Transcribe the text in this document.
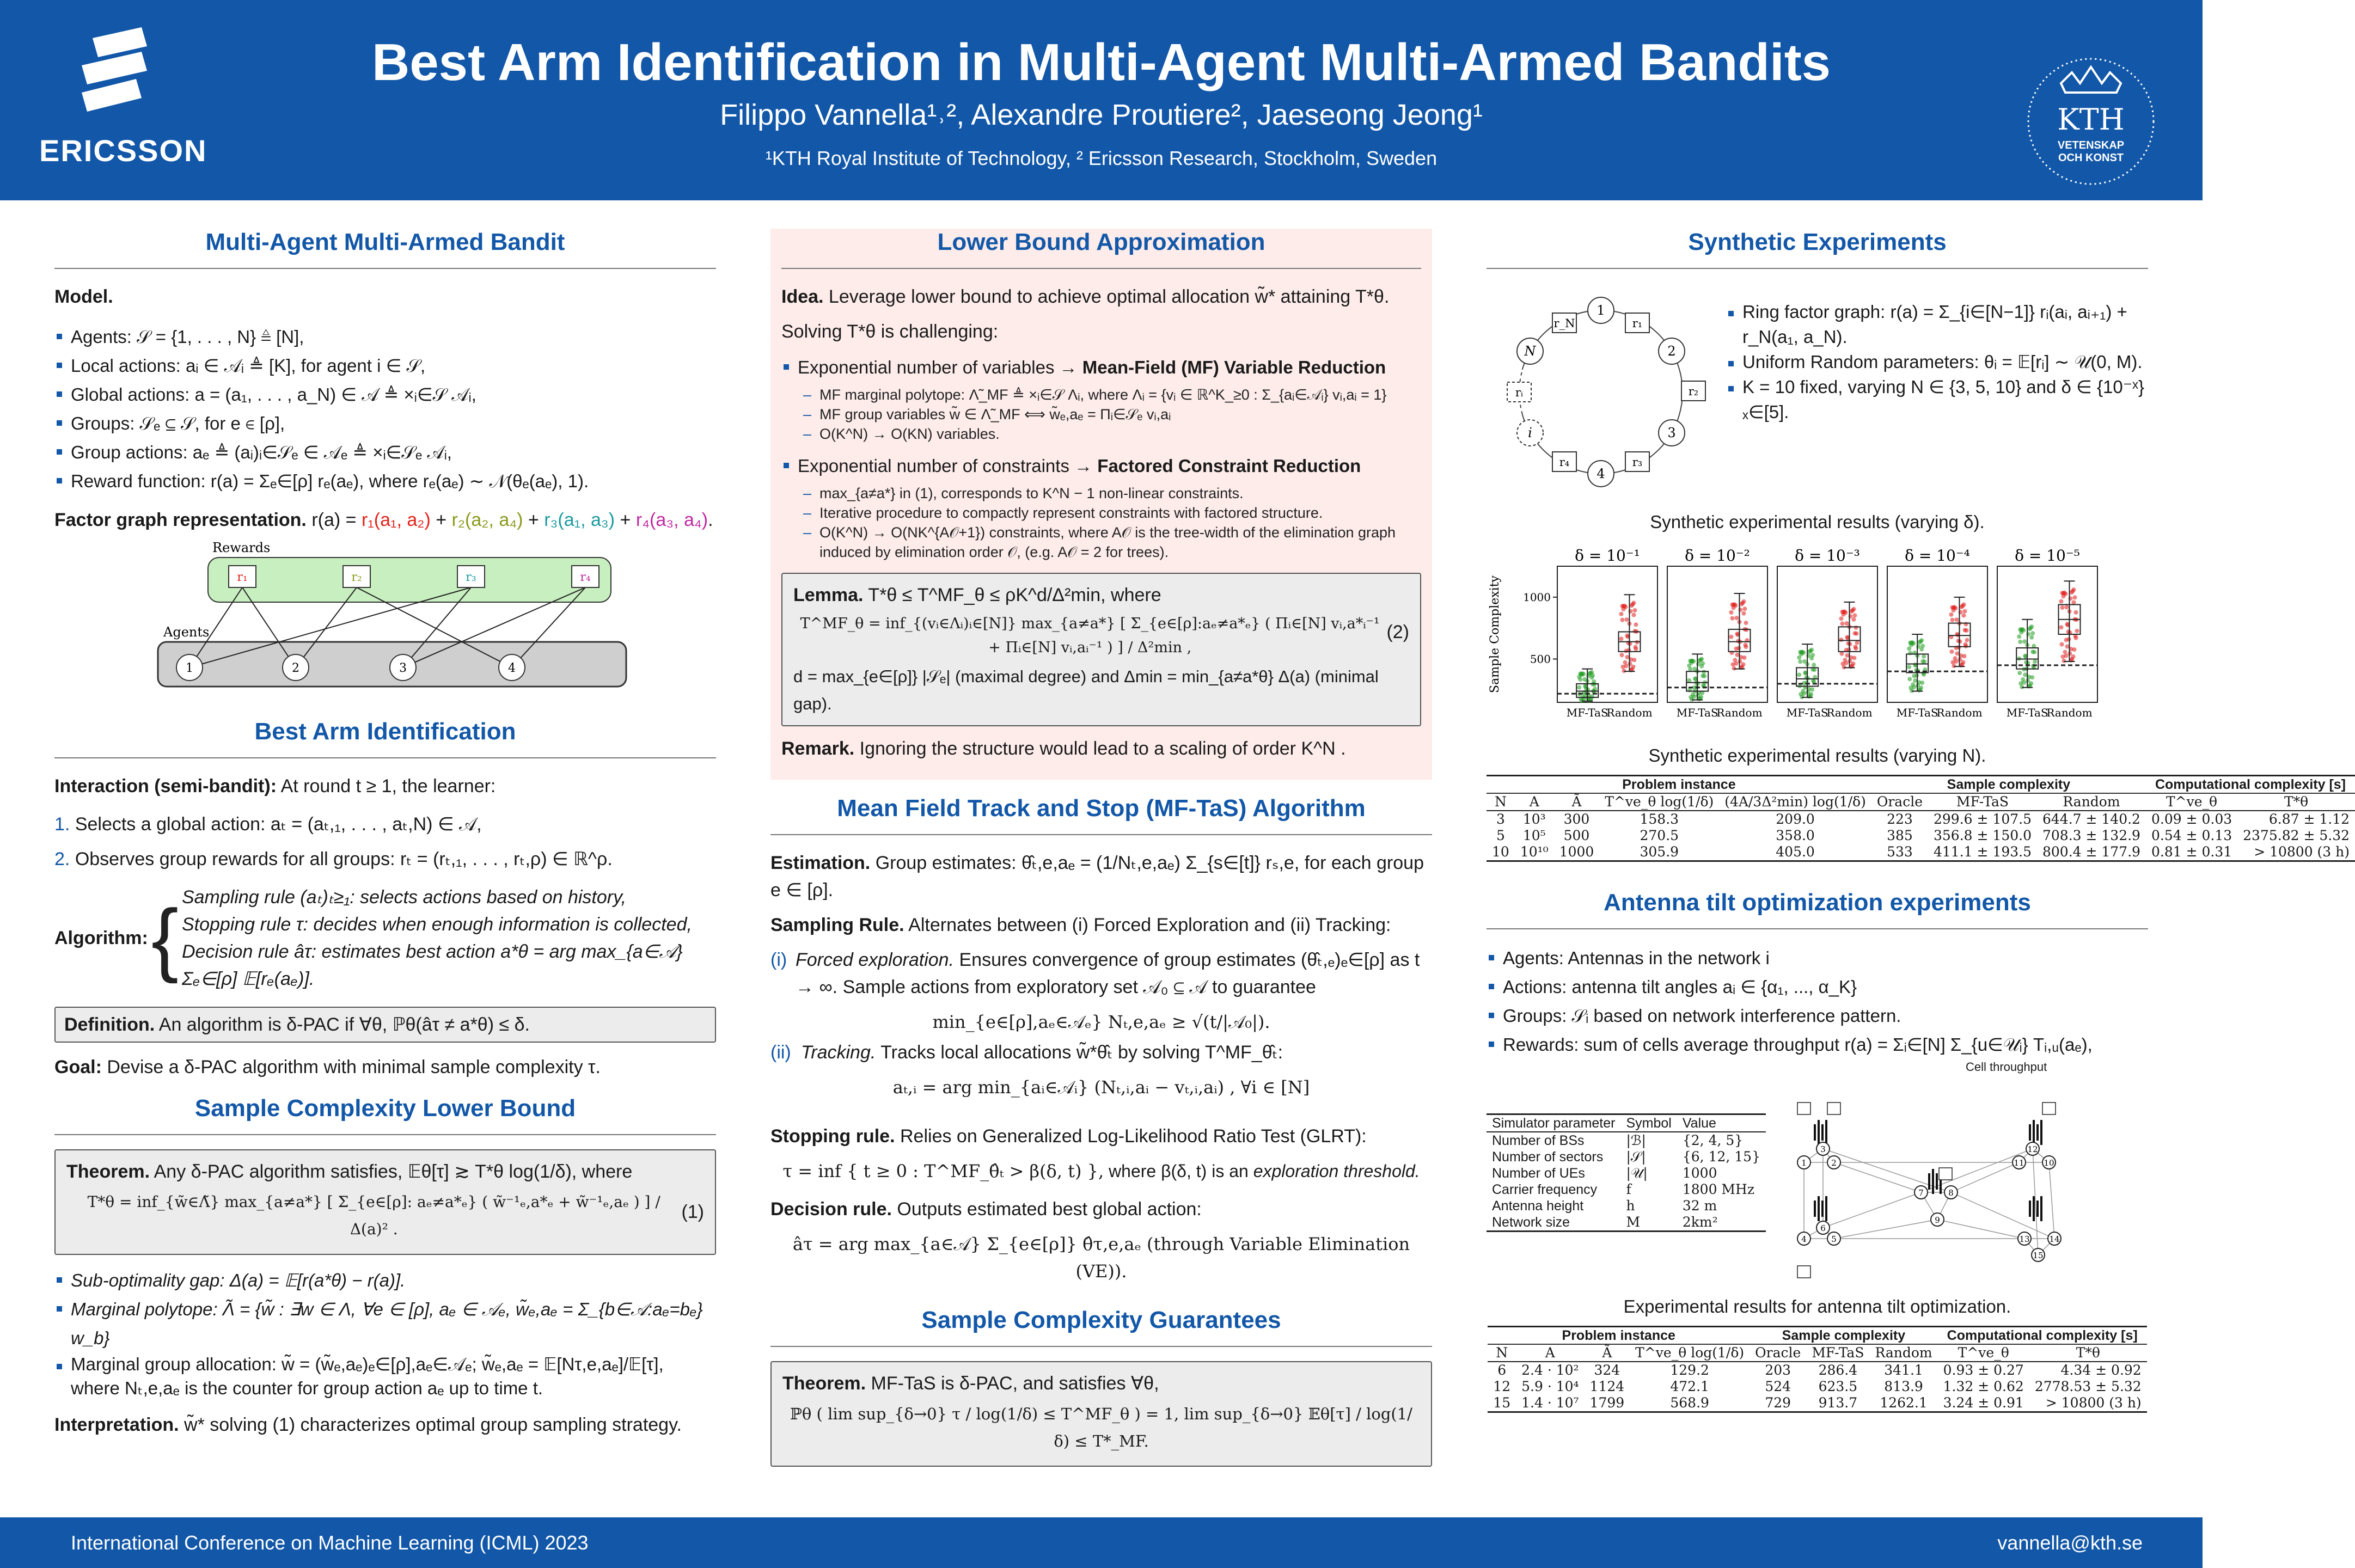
ERICSSON
Best Arm Identification in Multi-Agent Multi-Armed Bandits
Filippo Vannella¹˒², Alexandre Proutiere², Jaeseong Jeong¹
¹KTH Royal Institute of Technology, ² Ericsson Research, Stockholm, Sweden
KTH
VETENSKAP
OCH KONST
Multi-Agent Multi-Armed Bandit
Model.
Agents: 𝒮 = {1, . . . , N} ≜ [N],
Local actions: aᵢ ∈ 𝒜ᵢ ≜ [K], for agent i ∈ 𝒮,
Global actions: a = (a₁, . . . , a_N) ∈ 𝒜 ≜ ×ᵢ∈𝒮 𝒜ᵢ,
Groups: 𝒮ₑ ⊆ 𝒮, for e ∈ [ρ],
Group actions: aₑ ≜ (aᵢ)ᵢ∈𝒮ₑ ∈ 𝒜ₑ ≜ ×ᵢ∈𝒮ₑ 𝒜ᵢ,
Reward function: r(a) = Σₑ∈[ρ] rₑ(aₑ), where rₑ(aₑ) ∼ 𝒩(θₑ(aₑ), 1).
Factor graph representation. r(a) = r₁(a₁, a₂) + r₂(a₂, a₄) + r₃(a₁, a₃) + r₄(a₃, a₄).
Rewards
Agents
r₁	r₂	r₃	r₄
1	2	3	4
Best Arm Identification
Interaction (semi-bandit): At round t ≥ 1, the learner:
1. Selects a global action: aₜ = (aₜ,₁, . . . , aₜ,N) ∈ 𝒜,
2. Observes group rewards for all groups: rₜ = (rₜ,₁, . . . , rₜ,ρ) ∈ ℝ^ρ.
Algorithm: { Sampling rule (aₜ)ₜ≥₁: selects actions based on history,
Stopping rule τ: decides when enough information is collected,
Decision rule âτ: estimates best action a*θ = arg max_{a∈𝒜} Σₑ∈[ρ] 𝔼[rₑ(aₑ)].
Definition. An algorithm is δ-PAC if ∀θ, ℙθ(âτ ≠ a*θ) ≤ δ.
Goal: Devise a δ-PAC algorithm with minimal sample complexity τ.
Sample Complexity Lower Bound
Theorem. Any δ-PAC algorithm satisfies, 𝔼θ[τ] ≳ T*θ log(1/δ), where
T*θ = inf_{w̃∈Λ̃} max_{a≠a*} [ Σ_{e∈[ρ]: aₑ≠a*ₑ} ( w̃⁻¹ₑ,a*ₑ + w̃⁻¹ₑ,aₑ ) ] / Δ(a)² .
(1)
Sub-optimality gap: Δ(a) = 𝔼[r(a*θ) − r(a)].
Marginal polytope: Λ̃ = {w̃ : ∃w ∈ Λ, ∀e ∈ [ρ], aₑ ∈ 𝒜ₑ, w̃ₑ,aₑ = Σ_{b∈𝒜:aₑ=bₑ} w_b}
Marginal group allocation: w̃ = (w̃ₑ,aₑ)ₑ∈[ρ],aₑ∈𝒜ₑ; w̃ₑ,aₑ = 𝔼[Nτ,e,aₑ]/𝔼[τ], where Nₜ,e,aₑ is the counter for group action aₑ up to time t.
Interpretation. w̃* solving (1) characterizes optimal group sampling strategy.
Lower Bound Approximation
Idea. Leverage lower bound to achieve optimal allocation w̃* attaining T*θ.
Solving T*θ is challenging:
Exponential number of variables → Mean-Field (MF) Variable Reduction
– MF marginal polytope: Λ̃_MF ≜ ×ᵢ∈𝒮 Λᵢ, where Λᵢ = {vᵢ ∈ ℝ^K_≥0 : Σ_{aᵢ∈𝒜ᵢ} vᵢ,aᵢ = 1}
– MF group variables w̃ ∈ Λ̃_MF ⟺ w̃ₑ,aₑ = Πᵢ∈𝒮ₑ vᵢ,aᵢ
– O(K^N) → O(KN) variables.
Exponential number of constraints → Factored Constraint Reduction
– max_{a≠a*} in (1), corresponds to K^N − 1 non-linear constraints.
– Iterative procedure to compactly represent constraints with factored structure.
– O(K^N) → O(NK^{A𝒪+1}) constraints, where A𝒪 is the tree-width of the elimination graph induced by elimination order 𝒪, (e.g. A𝒪 = 2 for trees).
Lemma. T*θ ≤ T^MF_θ ≤ ρK^d/Δ²min, where
T^MF_θ = inf_{(vᵢ∈Λᵢ)ᵢ∈[N]} max_{a≠a*} [ Σ_{e∈[ρ]:aₑ≠a*ₑ} ( Πᵢ∈[N] vᵢ,a*ᵢ⁻¹ + Πᵢ∈[N] vᵢ,aᵢ⁻¹ ) ] / Δ²min ,
(2)
d = max_{e∈[ρ]} |𝒮ₑ| (maximal degree) and Δmin = min_{a≠a*θ} Δ(a) (minimal gap).
Remark. Ignoring the structure would lead to a scaling of order K^N .
Mean Field Track and Stop (MF-TaS) Algorithm
Estimation. Group estimates: θ̂ₜ,e,aₑ = (1/Nₜ,e,aₑ) Σ_{s∈[t]} rₛ,e, for each group e ∈ [ρ].
Sampling Rule. Alternates between (i) Forced Exploration and (ii) Tracking:
(i) Forced exploration. Ensures convergence of group estimates (θ̂ₜ,ₑ)ₑ∈[ρ] as t → ∞. Sample actions from exploratory set 𝒜₀ ⊆ 𝒜 to guarantee
min_{e∈[ρ],aₑ∈𝒜ₑ} Nₜ,e,aₑ ≥ √(t/|𝒜₀|).
(ii) Tracking. Tracks local allocations w̃*θ̂ₜ by solving T^MF_θ̂ₜ:
aₜ,ᵢ = arg min_{aᵢ∈𝒜ᵢ} (Nₜ,ᵢ,aᵢ − vₜ,ᵢ,aᵢ) , ∀i ∈ [N]
Stopping rule. Relies on Generalized Log-Likelihood Ratio Test (GLRT):
τ = inf { t ≥ 0 : T^MF_θ̂ₜ > β(δ, t) }, where β(δ, t) is an exploration threshold.
Decision rule. Outputs estimated best global action:
âτ = arg max_{a∈𝒜} Σ_{e∈[ρ]} θ̂τ,e,aₑ (through Variable Elimination (VE)).
Sample Complexity Guarantees
Theorem. MF-TaS is δ-PAC, and satisfies ∀θ,
ℙθ ( lim sup_{δ→0} τ / log(1/δ) ≤ T^MF_θ ) = 1, lim sup_{δ→0} 𝔼θ[τ] / log(1/δ) ≤ T*_MF.
Synthetic Experiments
1
2
3
4
i
N
r₁
r₂
r₃
r₄
rᵢ
r_N
Ring factor graph: r(a) = Σ_{i∈[N−1]} rᵢ(aᵢ, aᵢ₊₁) + r_N(a₁, a_N).
Uniform Random parameters: θᵢ = 𝔼[rᵢ] ∼ 𝒰(0, M).
K = 10 fixed, varying N ∈ {3, 5, 10} and δ ∈ {10⁻ˣ}ₓ∈[5].
Synthetic experimental results (varying δ).
Sample Complexity
δ = 10⁻¹
500
1000
MF-TaS
Random
δ = 10⁻²
MF-TaS
Random
δ = 10⁻³
MF-TaS
Random
δ = 10⁻⁴
MF-TaS
Random
δ = 10⁻⁵
MF-TaS
Random
Synthetic experimental results (varying N).
Problem instance					Sample complexity			Computational complexity [s]	
N	A	Ã	T^ve_θ log(1/δ)	(4A/3Δ²min) log(1/δ)	Oracle	MF-TaS	Random	T^ve_θ	T*θ
3	10³	300	158.3	209.0	223	299.6 ± 107.5	644.7 ± 140.2	0.09 ± 0.03	6.87 ± 1.12
5	10⁵	500	270.5	358.0	385	356.8 ± 150.0	708.3 ± 132.9	0.54 ± 0.13	2375.82 ± 5.32
10	10¹⁰	1000	305.9	405.0	533	411.1 ± 193.5	800.4 ± 177.9	0.81 ± 0.31	> 10800 (3 h)
Antenna tilt optimization experiments
Agents: Antennas in the network i
Actions: antenna tilt angles aᵢ ∈ {α₁, ..., α_K}
Groups: 𝒮ᵢ based on network interference pattern.
Rewards: sum of cells average throughput r(a) = Σᵢ∈[N] Σ_{u∈𝒰ᵢ} Tᵢ,ᵤ(aₑ),
Cell throughput
Simulator parameter	Symbol	Value
Number of BSs	|ℬ|	{2, 4, 5}
Number of sectors	|𝒮|	{6, 12, 15}
Number of UEs	|𝒰|	1000
Carrier frequency	f	1800 MHz
Antenna height	h	32 m
Network size	M	2km²
1	2
3
4	5
6
7	8
9
10
11
12
13 14
15
Experimental results for antenna tilt optimization.
Problem instance				Sample complexity			Computational complexity [s]	
N	A	Ã	T^ve_θ log(1/δ)	Oracle	MF-TaS	Random	T^ve_θ	T*θ
6	2.4 · 10²	324	129.2	203	286.4	341.1	0.93 ± 0.27	4.34 ± 0.92
12	5.9 · 10⁴	1124	472.1	524	623.5	813.9	1.32 ± 0.62	2778.53 ± 5.32
15	1.4 · 10⁷	1799	568.9	729	913.7	1262.1	3.24 ± 0.91	> 10800 (3 h)
International Conference on Machine Learning (ICML) 2023	vannella@kth.se
